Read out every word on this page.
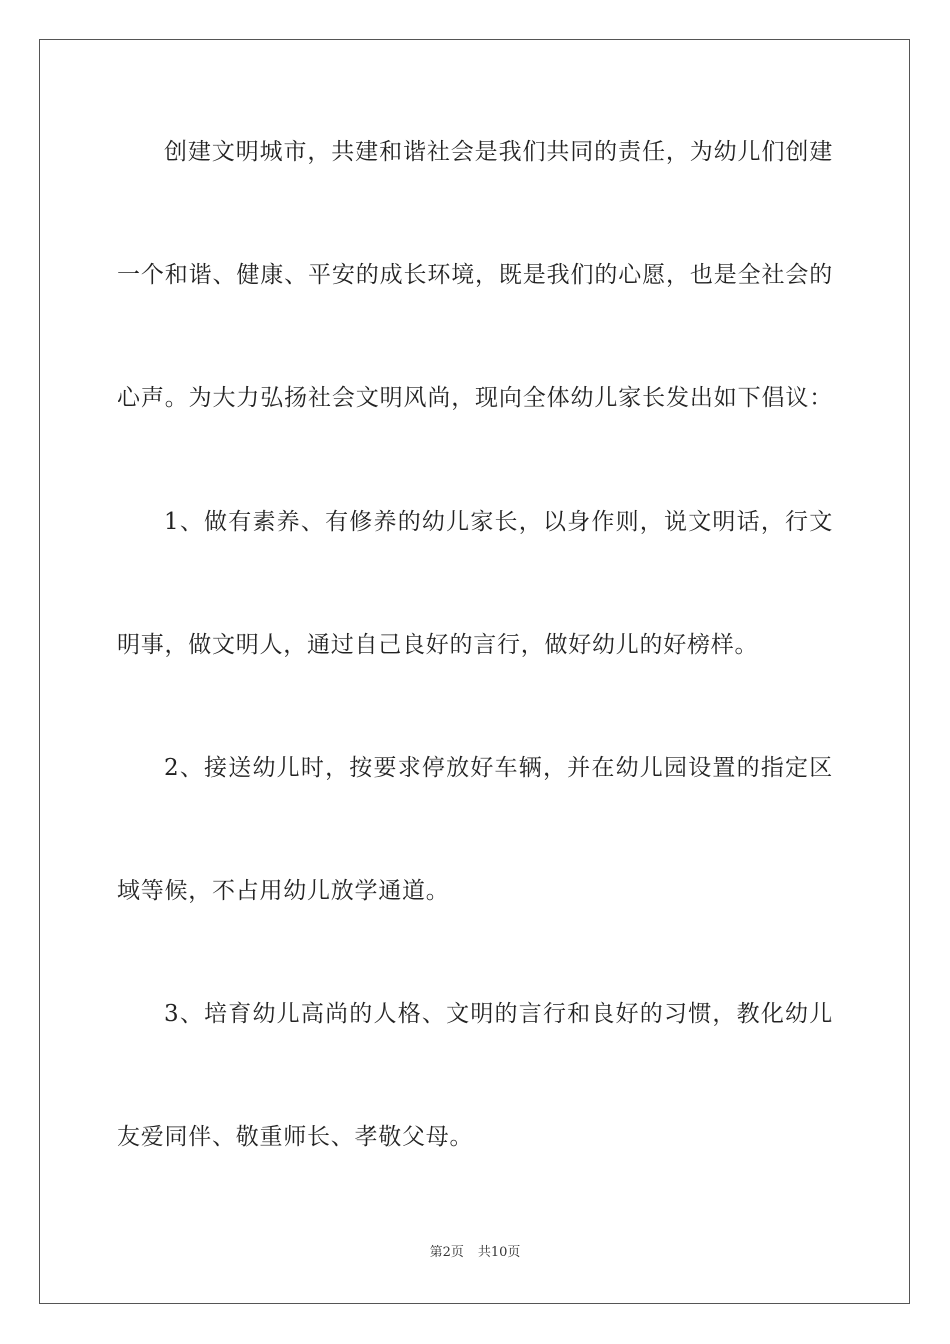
创建文明城市，共建和谐社会是我们共同的责任，为幼儿们创建
一个和谐、健康、平安的成长环境，既是我们的心愿，也是全社会的
心声。为大力弘扬社会文明风尚，现向全体幼儿家长发出如下倡议：
1、做有素养、有修养的幼儿家长，以身作则，说文明话，行文
明事，做文明人，通过自己良好的言行，做好幼儿的好榜样。
2、接送幼儿时，按要求停放好车辆，并在幼儿园设置的指定区
域等候，不占用幼儿放学通道。
3、培育幼儿高尚的人格、文明的言行和良好的习惯，教化幼儿
友爱同伴、敬重师长、孝敬父母。
第2页 共10页
